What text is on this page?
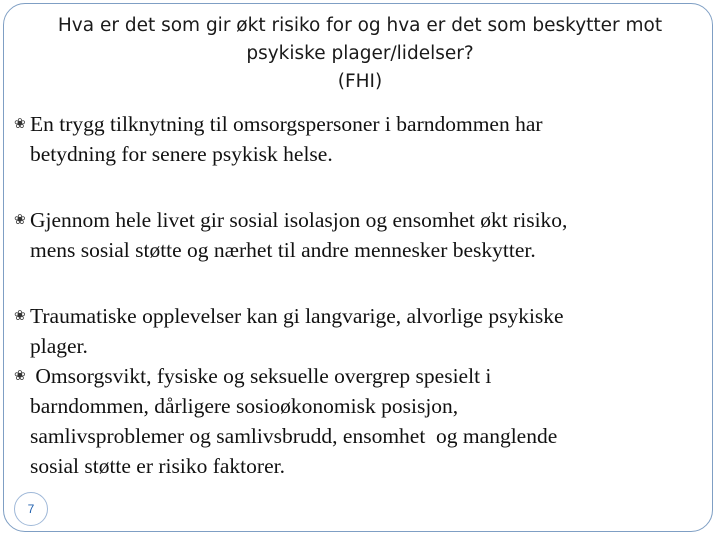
Hva er det som gir økt risiko for og hva er det som beskytter mot
psykiske plager/lidelser?
(FHI)
❀ En trygg tilknytning til omsorgspersoner i barndommen har
betydning for senere psykisk helse.
❀ Gjennom hele livet gir sosial isolasjon og ensomhet økt risiko,
mens sosial støtte og nærhet til andre mennesker beskytter.
❀ Traumatiske opplevelser kan gi langvarige, alvorlige psykiske
plager.
❀ Omsorgsvikt, fysiske og seksuelle overgrep spesielt i
barndommen, dårligere sosioøkonomisk posisjon,
samlivsproblemer og samlivsbrudd, ensomhet  og manglende
sosial støtte er risiko faktorer.
7
